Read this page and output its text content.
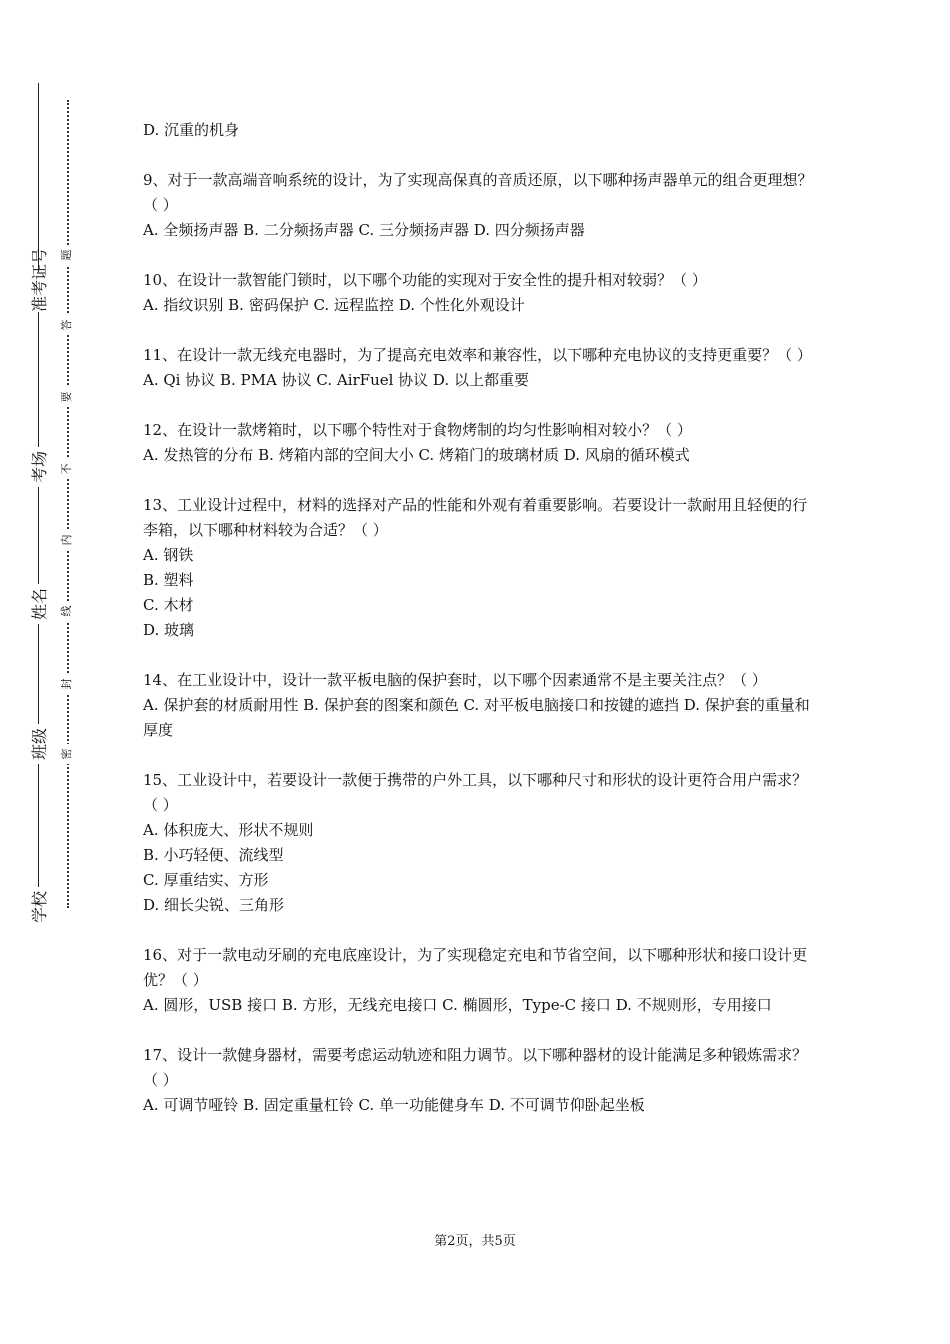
准考证号
考场
姓名
班级
学校
题
答
要
不
内
线
封
密

D. 沉重的机身

9、对于一款高端音响系统的设计，为了实现高保真的音质还原，以下哪种扬声器单元的组合更理想？（ ）

A. 全频扬声器 B. 二分频扬声器 C. 三分频扬声器 D. 四分频扬声器

10、在设计一款智能门锁时，以下哪个功能的实现对于安全性的提升相对较弱？（ ）

A. 指纹识别 B. 密码保护 C. 远程监控 D. 个性化外观设计

11、在设计一款无线充电器时，为了提高充电效率和兼容性，以下哪种充电协议的支持更重要？（ ）

A. Qi 协议 B. PMA 协议 C. AirFuel 协议 D. 以上都重要

12、在设计一款烤箱时，以下哪个特性对于食物烤制的均匀性影响相对较小？（ ）

A. 发热管的分布 B. 烤箱内部的空间大小 C. 烤箱门的玻璃材质 D. 风扇的循环模式

13、工业设计过程中，材料的选择对产品的性能和外观有着重要影响。若要设计一款耐用且轻便的行李箱，以下哪种材料较为合适？（ ）

A. 钢铁

B. 塑料

C. 木材

D. 玻璃

14、在工业设计中，设计一款平板电脑的保护套时，以下哪个因素通常不是主要关注点？（ ）

A. 保护套的材质耐用性 B. 保护套的图案和颜色 C. 对平板电脑接口和按键的遮挡 D. 保护套的重量和厚度

15、工业设计中，若要设计一款便于携带的户外工具，以下哪种尺寸和形状的设计更符合用户需求？（ ）

A. 体积庞大、形状不规则

B. 小巧轻便、流线型

C. 厚重结实、方形

D. 细长尖锐、三角形

16、对于一款电动牙刷的充电底座设计，为了实现稳定充电和节省空间，以下哪种形状和接口设计更优？（ ）

A. 圆形，USB 接口 B. 方形，无线充电接口 C. 椭圆形，Type-C 接口 D. 不规则形，专用接口

17、设计一款健身器材，需要考虑运动轨迹和阻力调节。以下哪种器材的设计能满足多种锻炼需求？（ ）

A. 可调节哑铃 B. 固定重量杠铃 C. 单一功能健身车 D. 不可调节仰卧起坐板

第2页，共5页
